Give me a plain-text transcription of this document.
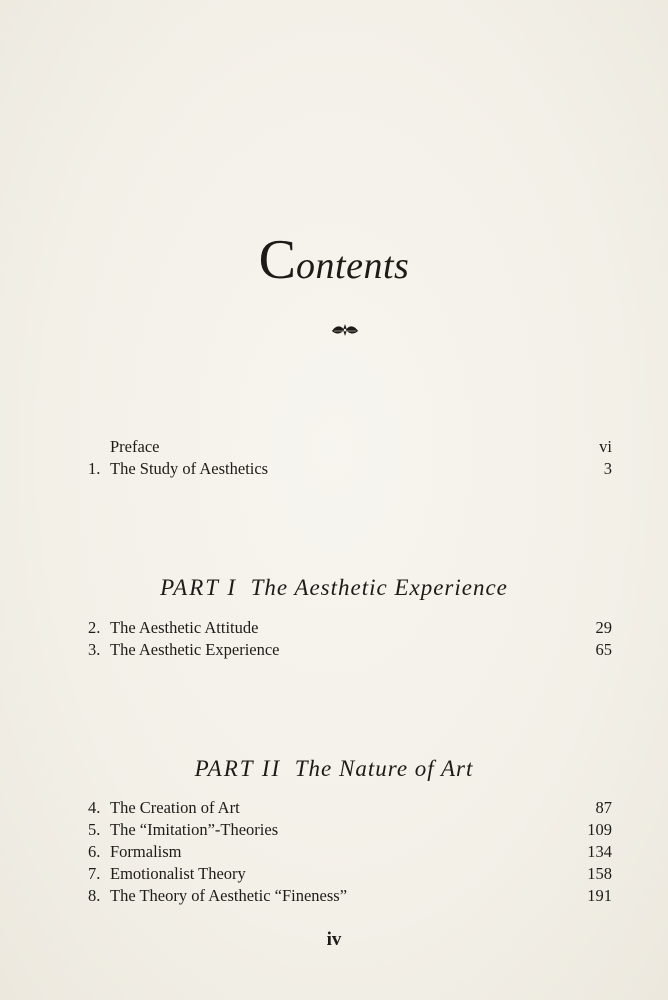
Contents
Preface	vi
1. The Study of Aesthetics	3
PART I The Aesthetic Experience
2. The Aesthetic Attitude	29
3. The Aesthetic Experience	65
PART II The Nature of Art
4. The Creation of Art	87
5. The “Imitation”-Theories	109
6. Formalism	134
7. Emotionalist Theory	158
8. The Theory of Aesthetic “Fineness”	191
iv
